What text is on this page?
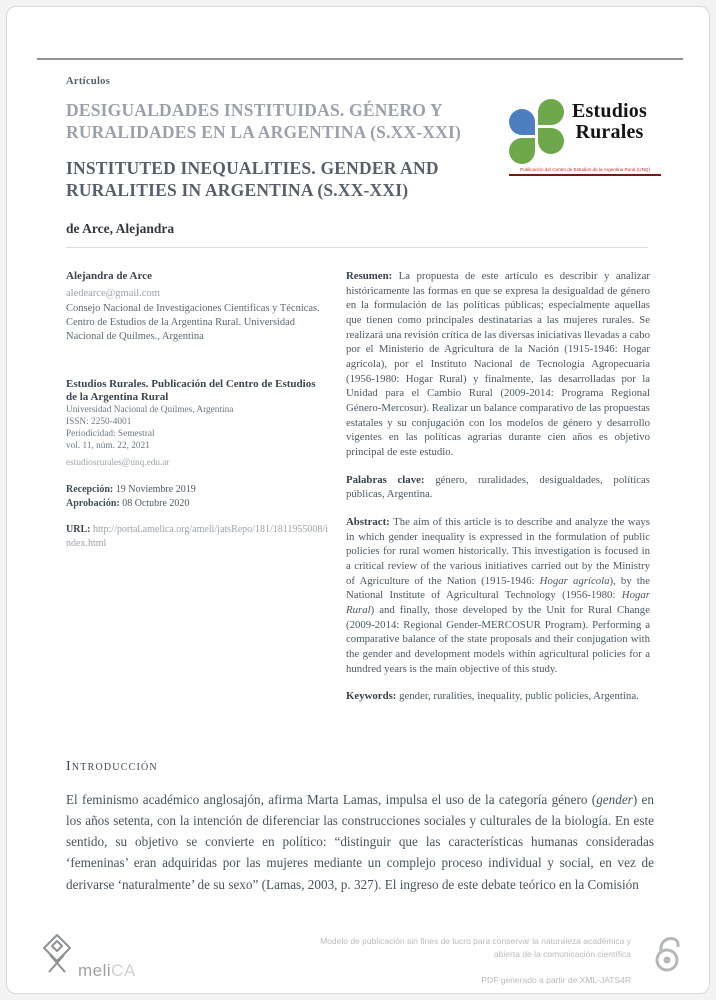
Artículos
DESIGUALDADES INSTITUIDAS. GÉNERO Y RURALIDADES EN LA ARGENTINA (S.XX-XXI)
INSTITUTED INEQUALITIES. GENDER AND RURALITIES IN ARGENTINA (S.XX-XXI)
Estudios
Rurales
Publicación del Centro de Estudios de la Argentina Rural (UNQ)
de Arce, Alejandra
Alejandra de Arce
aledearce@gmail.com
Consejo Nacional de Investigaciones Científicas y Técnicas. Centro de Estudios de la Argentina Rural. Universidad Nacional de Quilmes., Argentina
Estudios Rurales. Publicación del Centro de Estudios de la Argentina Rural
Universidad Nacional de Quilmes, Argentina
ISSN: 2250-4001
Periodicidad: Semestral
vol. 11, núm. 22, 2021
estudiosrurales@unq.edu.ar
Recepción: 19 Noviembre 2019
Aprobación: 08 Octubre 2020
URL: http://portal.amelica.org/ameli/jatsRepo/181/1811955008/index.html

Resumen: La propuesta de este artículo es describir y analizar históricamente las formas en que se expresa la desigualdad de género en la formulación de las políticas públicas; especialmente aquellas que tienen como principales destinatarias a las mujeres rurales. Se realizará una revisión crítica de las diversas iniciativas llevadas a cabo por el Ministerio de Agricultura de la Nación (1915-1946: Hogar agrícola), por el Instituto Nacional de Tecnología Agropecuaria (1956-1980: Hogar Rural) y finalmente, las desarrolladas por la Unidad para el Cambio Rural (2009-2014: Programa Regional Género-Mercosur). Realizar un balance comparativo de las propuestas estatales y su conjugación con los modelos de género y desarrollo vigentes en las políticas agrarias durante cien años es objetivo principal de este estudio.

Palabras clave: género, ruralidades, desigualdades, políticas públicas, Argentina.

Abstract: The aim of this article is to describe and analyze the ways in which gender inequality is expressed in the formulation of public policies for rural women historically. This investigation is focused in a critical review of the various initiatives carried out by the Ministry of Agriculture of the Nation (1915-1946: Hogar agrícola), by the National Institute of Agricultural Technology (1956-1980: Hogar Rural) and finally, those developed by the Unit for Rural Change (2009-2014: Regional Gender-MERCOSUR Program). Performing a comparative balance of the state proposals and their conjugation with the gender and development models within agricultural policies for a hundred years is the main objective of this study.

Keywords: gender, ruralities, inequality, public policies, Argentina.

Introducción

El feminismo académico anglosajón, afirma Marta Lamas, impulsa el uso de la categoría género (gender) en los años setenta, con la intención de diferenciar las construcciones sociales y culturales de la biología. En este sentido, su objetivo se convierte en político: “distinguir que las características humanas consideradas ‘femeninas’ eran adquiridas por las mujeres mediante un complejo proceso individual y social, en vez de derivarse ‘naturalmente’ de su sexo” (Lamas, 2003, p. 327). El ingreso de este debate teórico en la Comisión

meliCA
Modelo de publicación sin fines de lucro para conservar la naturaleza académica y
abierta de la comunicación científica
PDF generado a partir de XML-JATS4R
